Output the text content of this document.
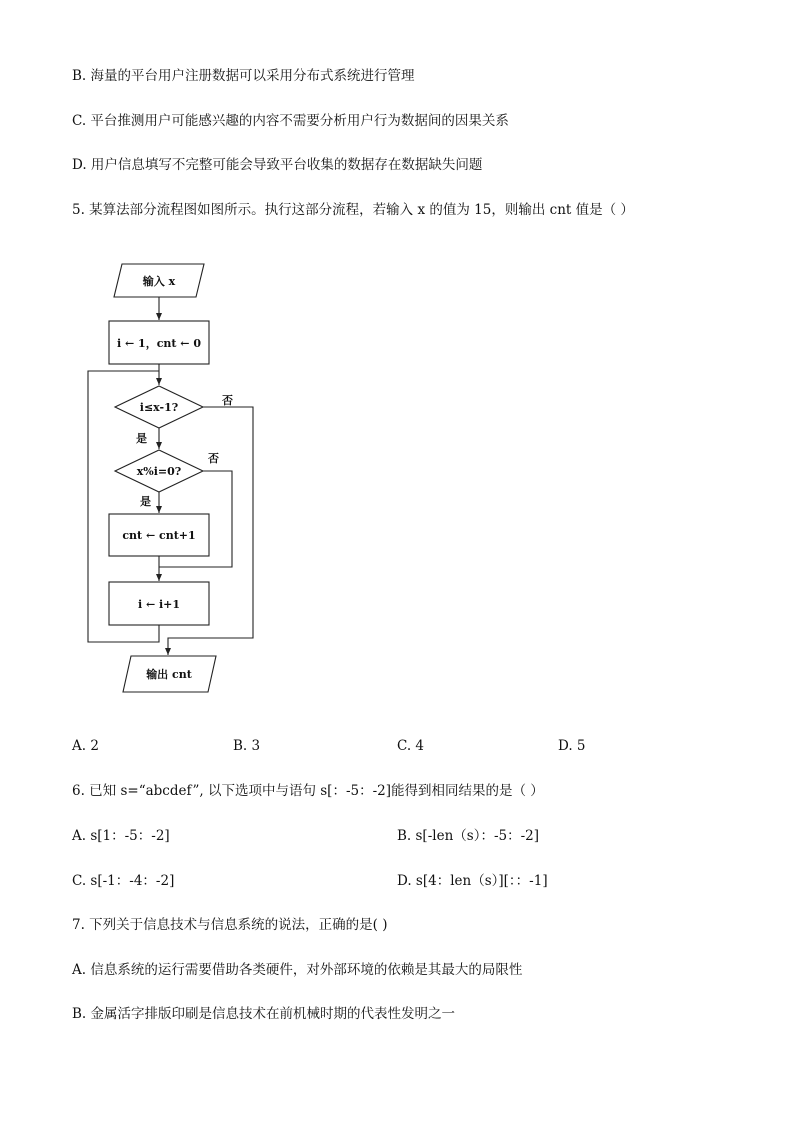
B. 海量的平台用户注册数据可以采用分布式系统进行管理
C. 平台推测用户可能感兴趣的内容不需要分析用户行为数据间的因果关系
D. 用户信息填写不完整可能会导致平台收集的数据存在数据缺失问题
5. 某算法部分流程图如图所示。执行这部分流程，若输入 x 的值为 15，则输出 cnt 值是（ ）
输入 x
i ← 1，cnt ← 0
i≤x-1?
否
是
x%i=0?
否
是
cnt ← cnt+1
i ← i+1
输出 cnt
A. 2	B. 3	C. 4	D. 5
6. 已知 s=“abcdef”, 以下选项中与语句 s[：-5：-2]能得到相同结果的是（ ）
A. s[1：-5：-2]	B. s[-len（s）：-5：-2]
C. s[-1：-4：-2]	D. s[4：len（s）][：：-1]
7. 下列关于信息技术与信息系统的说法，正确的是( )
A. 信息系统的运行需要借助各类硬件，对外部环境的依赖是其最大的局限性
B. 金属活字排版印刷是信息技术在前机械时期的代表性发明之一
